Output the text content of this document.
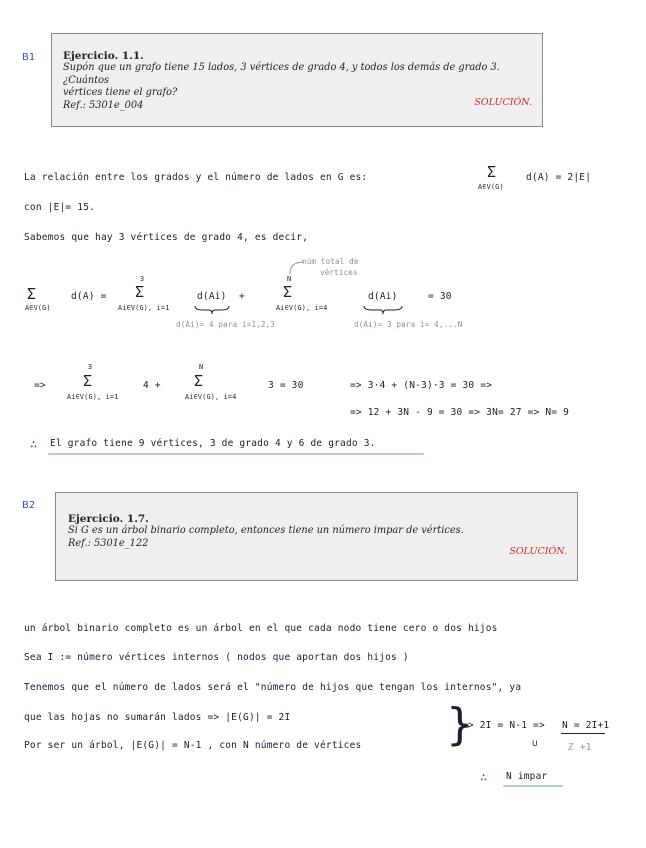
B1	Ejercicio. 1.1.
Supón que un grafo tiene 15 lados, 3 vértices de grado 4, y todos los demás de grado 3. ¿Cuántos
vértices tiene el grafo?
Ref.: 5301e_004	SOLUCIÓN.
La relación entre los grados y el número de lados en G es:	Σ
A∈V(G)
d(A) = 2|E|
con |E|= 15.
Sabemos que hay 3 vértices de grado 4, es decir,
núm total de
vértices
Σ
A∈V(G)
d(A) =
3
Σ
Ai∈V(G), i=1
d(Ai) +
N
Σ
Ai∈V(G), i=4
d(Ai)	= 30
d(Ai)= 4 para i=1,2,3	d(Ai)= 3 para i= 4,...N
=>
3
Σ
Ai∈V(G), i=1
4 +
N
Σ
Ai∈V(G), i=4
3 = 30	=> 3·4 + (N-3)·3 = 30 =>
=> 12 + 3N - 9 = 30 => 3N= 27 => N= 9
∴ El grafo tiene 9 vértices, 3 de grado 4 y 6 de grado 3.
B2
Ejercicio. 1.7.
Si G es un árbol binario completo, entonces tiene un número impar de vértices.
Ref.: 5301e_122
SOLUCIÓN.
un árbol binario completo es un árbol en el que cada nodo tiene cero o dos hijos
Sea I := número vértices internos ( nodos que aportan dos hijos )
Tenemos que el número de lados será el "número de hijos que tengan los internos", ya
que las hojas no sumarán lados => |E(G)| = 2I
Por ser un árbol, |E(G)| = N-1 , con N número de vértices }
=> 2I = N-1 => N = 2I+1
∪	ℤ +1
∴ N impar
